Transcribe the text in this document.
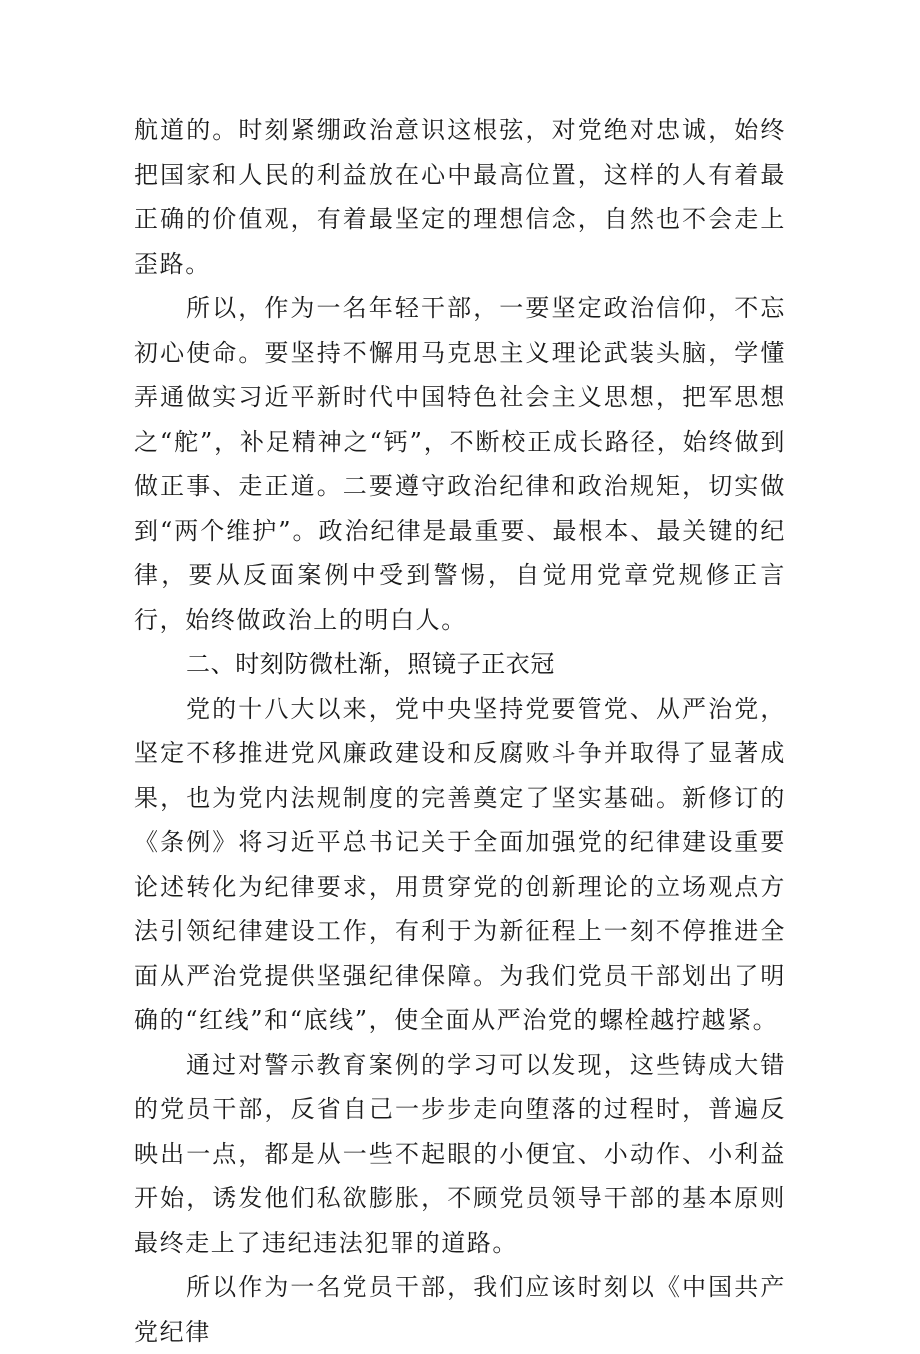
航道的。时刻紧绷政治意识这根弦，对党绝对忠诚，始终把国家和人民的利益放在心中最高位置，这样的人有着最正确的价值观，有着最坚定的理想信念，自然也不会走上歪路。

所以，作为一名年轻干部，一要坚定政治信仰，不忘初心使命。要坚持不懈用马克思主义理论武装头脑，学懂弄通做实习近平新时代中国特色社会主义思想，把军思想之“舵”，补足精神之“钙”，不断校正成长路径，始终做到做正事、走正道。二要遵守政治纪律和政治规矩，切实做到“两个维护”。政治纪律是最重要、最根本、最关键的纪律，要从反面案例中受到警惕，自觉用党章党规修正言行，始终做政治上的明白人。

二、时刻防微杜渐，照镜子正衣冠

党的十八大以来，党中央坚持党要管党、从严治党，坚定不移推进党风廉政建设和反腐败斗争并取得了显著成果，也为党内法规制度的完善奠定了坚实基础。新修订的《条例》将习近平总书记关于全面加强党的纪律建设重要论述转化为纪律要求，用贯穿党的创新理论的立场观点方法引领纪律建设工作，有利于为新征程上一刻不停推进全面从严治党提供坚强纪律保障。为我们党员干部划出了明确的“红线”和“底线”，使全面从严治党的螺栓越拧越紧。

通过对警示教育案例的学习可以发现，这些铸成大错的党员干部，反省自己一步步走向堕落的过程时，普遍反映出一点，都是从一些不起眼的小便宜、小动作、小利益开始，诱发他们私欲膨胀，不顾党员领导干部的基本原则最终走上了违纪违法犯罪的道路。

所以作为一名党员干部，我们应该时刻以《中国共产党纪律
